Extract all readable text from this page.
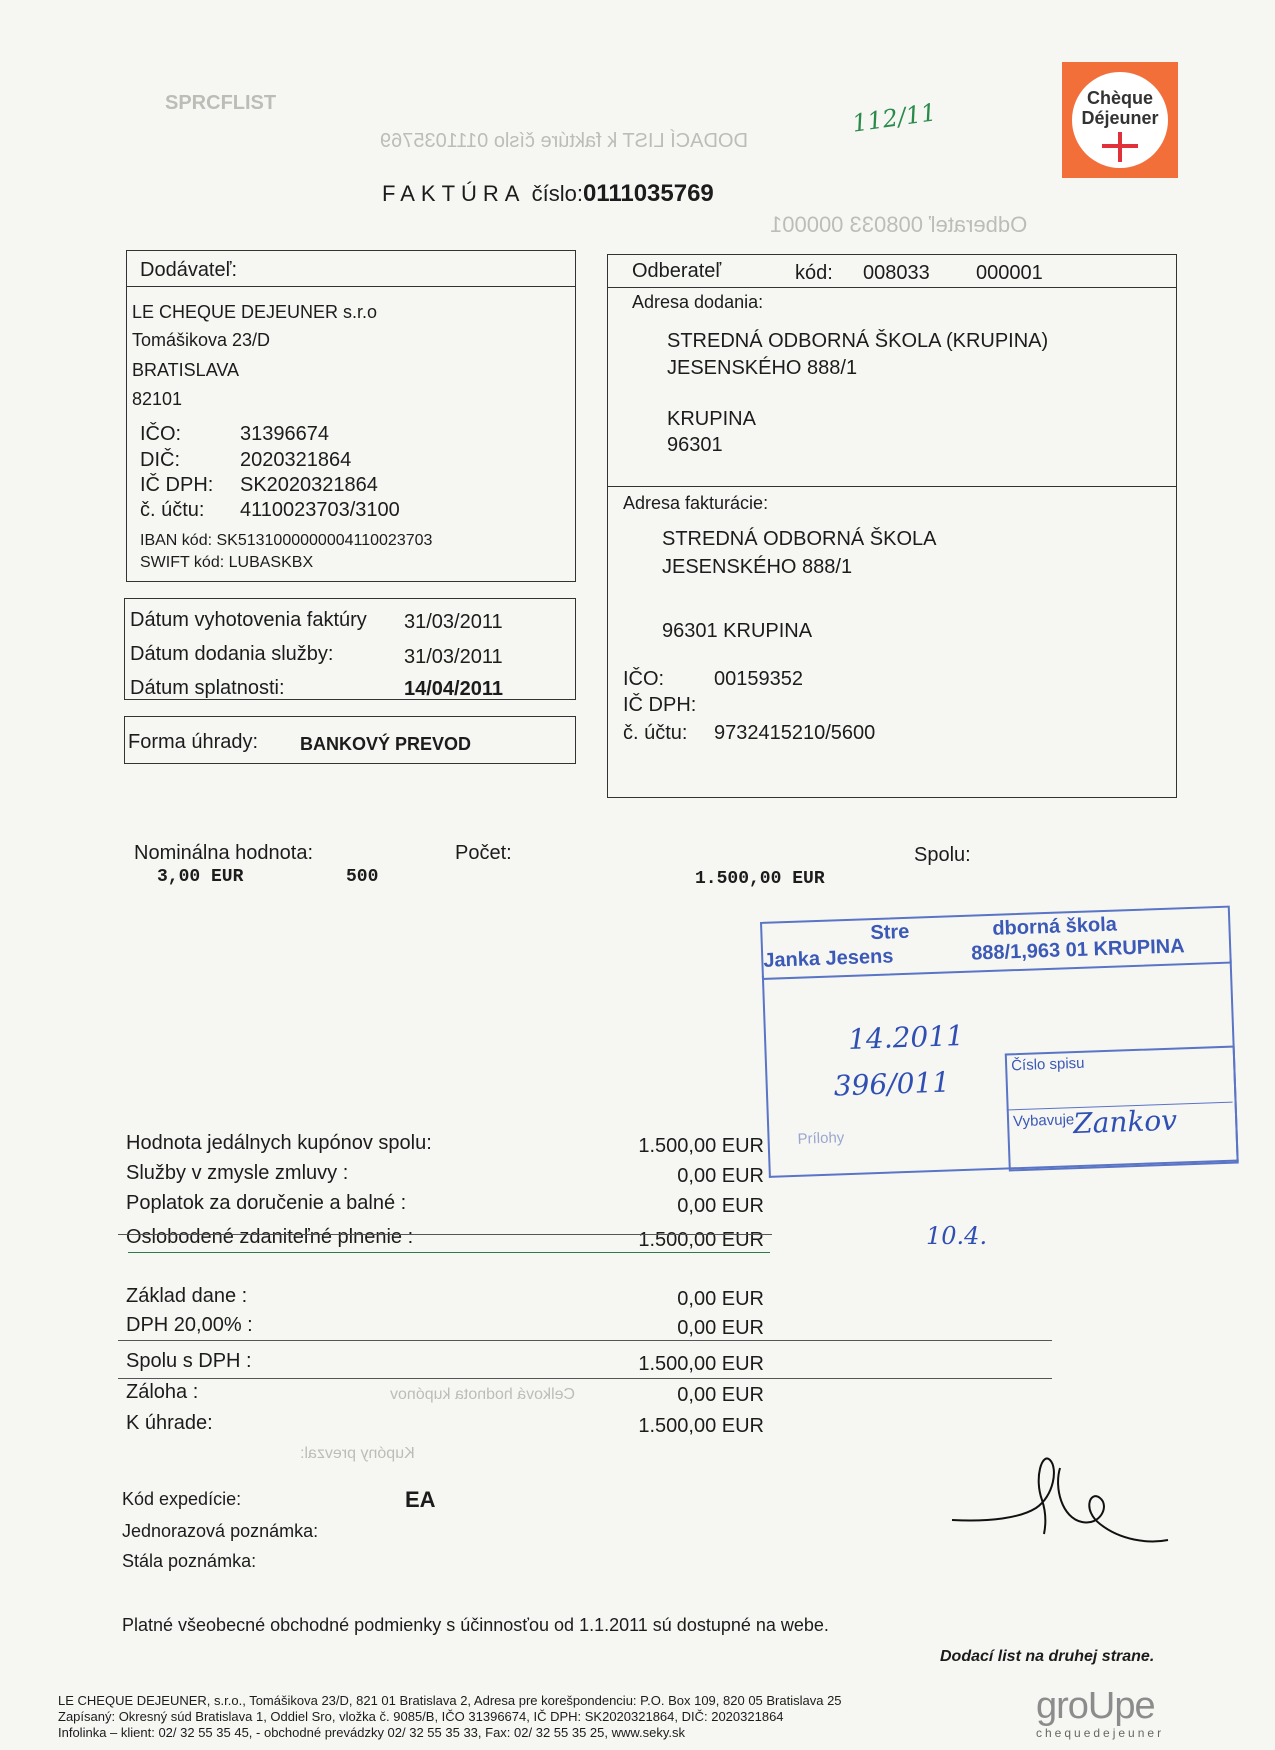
SPRCFLIST
DODACÍ LIST k faktúre číslo 0111035769
Odberateľ 008033 000001
Celková hodnota kupónov
Kupóny prevzal:
Chèque
Déjeuner
112/11
FAKTÚRA číslo:0111035769
Dodávateľ:
LE CHEQUE DEJEUNER s.r.o
Tomášikova 23/D
BRATISLAVA
82101
IČO:	31396674
DIČ:	2020321864
IČ DPH: SK2020321864
č. účtu: 4110023703/3100
IBAN kód: SK5131000000004110023703
SWIFT kód: LUBASKBX
Dátum vyhotovenia faktúry 31/03/2011
Dátum dodania služby:	31/03/2011
Dátum splatnosti:	14/04/2011
Forma úhrady: BANKOVÝ PREVOD
Odberateľ	kód: 008033 000001
Adresa dodania:
STREDNÁ ODBORNÁ ŠKOLA (KRUPINA)
JESENSKÉHO 888/1
KRUPINA
96301
Adresa fakturácie:
STREDNÁ ODBORNÁ ŠKOLA
JESENSKÉHO 888/1
96301 KRUPINA
IČO: 00159352
IČ DPH:
č. účtu: 9732415210/5600
Nominálna hodnota:	Počet:	Spolu:
3,00 EUR	500	1.500,00 EUR
Stre	dborná škola
Janka Jesens	888/1,963 01 KRUPINA
14.2011
396/011
Číslo spisu
Vybavuje
Prílohy	Zankov
Hodnota jedálnych kupónov spolu:	1.500,00 EUR
Služby v zmysle zmluvy :	0,00 EUR
Poplatok za doručenie a balné :	0,00 EUR
Oslobodené zdaniteľné plnenie :	1.500,00 EUR
Základ dane :	0,00 EUR
DPH 20,00% :	0,00 EUR
Spolu s DPH :	1.500,00 EUR
Záloha :	0,00 EUR
K úhrade:	1.500,00 EUR
10.4.
Kód expedície:	EA
Jednorazová poznámka:
Stála poznámka:
Platné všeobecné obchodné podmienky s účinnosťou od 1.1.2011 sú dostupné na webe.
Dodací list na druhej strane.
LE CHEQUE DEJEUNER, s.r.o., Tomášikova 23/D, 821 01 Bratislava 2, Adresa pre korešpondenciu: P.O. Box 109, 820 05 Bratislava 25
Zapísaný: Okresný súd Bratislava 1, Oddiel Sro, vložka č. 9085/B, IČO 31396674, IČ DPH: SK2020321864, DIČ: 2020321864
Infolinka – klient: 02/ 32 55 35 45, - obchodné prevádzky 02/ 32 55 35 33, Fax: 02/ 32 55 35 25, www.seky.sk
groUpe
chequedejeuner
